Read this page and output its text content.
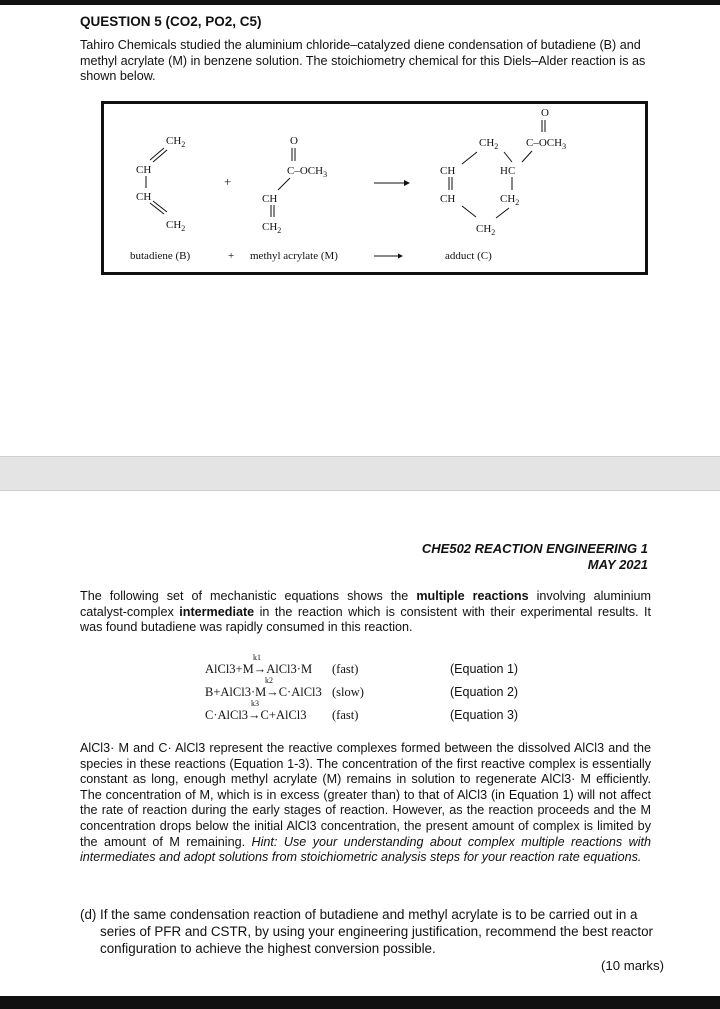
QUESTION 5 (CO2, PO2, C5)
Tahiro Chemicals studied the aluminium chloride–catalyzed diene condensation of butadiene (B) and methyl acrylate (M) in benzene solution. The stoichiometry chemical for this Diels–Alder reaction is as shown below.
$CH_2$
CH
CH
$CH_2$
+
O
$C-OCH_3$
CH
$CH_2$
O
$CH_2$	$C-OCH_3$
CH	HC
CH	$CH_2$
$CH_2$
butadiene (B)	+ methyl acrylate (M)	adduct (C)
CHE502 REACTION ENGINEERING 1
MAY 2021
The following set of mechanistic equations shows the multiple reactions involving aluminium catalyst-complex intermediate in the reaction which is consistent with their experimental results. It was found butadiene was rapidly consumed in this reaction.
k1
AlCl3+M→AlCl3·M (fast)	(Equation 1)
k2
B+AlCl3·M→C·AlCl3 (slow)	(Equation 2)
k3
C·AlCl3→C+AlCl3 (fast)	(Equation 3)
AlCl3· M and C· AlCl3 represent the reactive complexes formed between the dissolved AlCl3 and the species in these reactions (Equation 1-3). The concentration of the first reactive complex is essentially constant as long, enough methyl acrylate (M) remains in solution to regenerate AlCl3· M efficiently. The concentration of M, which is in excess (greater than) to that of AlCl3 (in Equation 1) will not affect the rate of reaction during the early stages of reaction. However, as the reaction proceeds and the M concentration drops below the initial AlCl3 concentration, the present amount of complex is limited by the amount of M remaining. Hint: Use your understanding about complex multiple reactions with intermediates and adopt solutions from stoichiometric analysis steps for your reaction rate equations.
(d) If the same condensation reaction of butadiene and methyl acrylate is to be carried out in a series of PFR and CSTR, by using your engineering justification, recommend the best reactor configuration to achieve the highest conversion possible.
(10 marks)
